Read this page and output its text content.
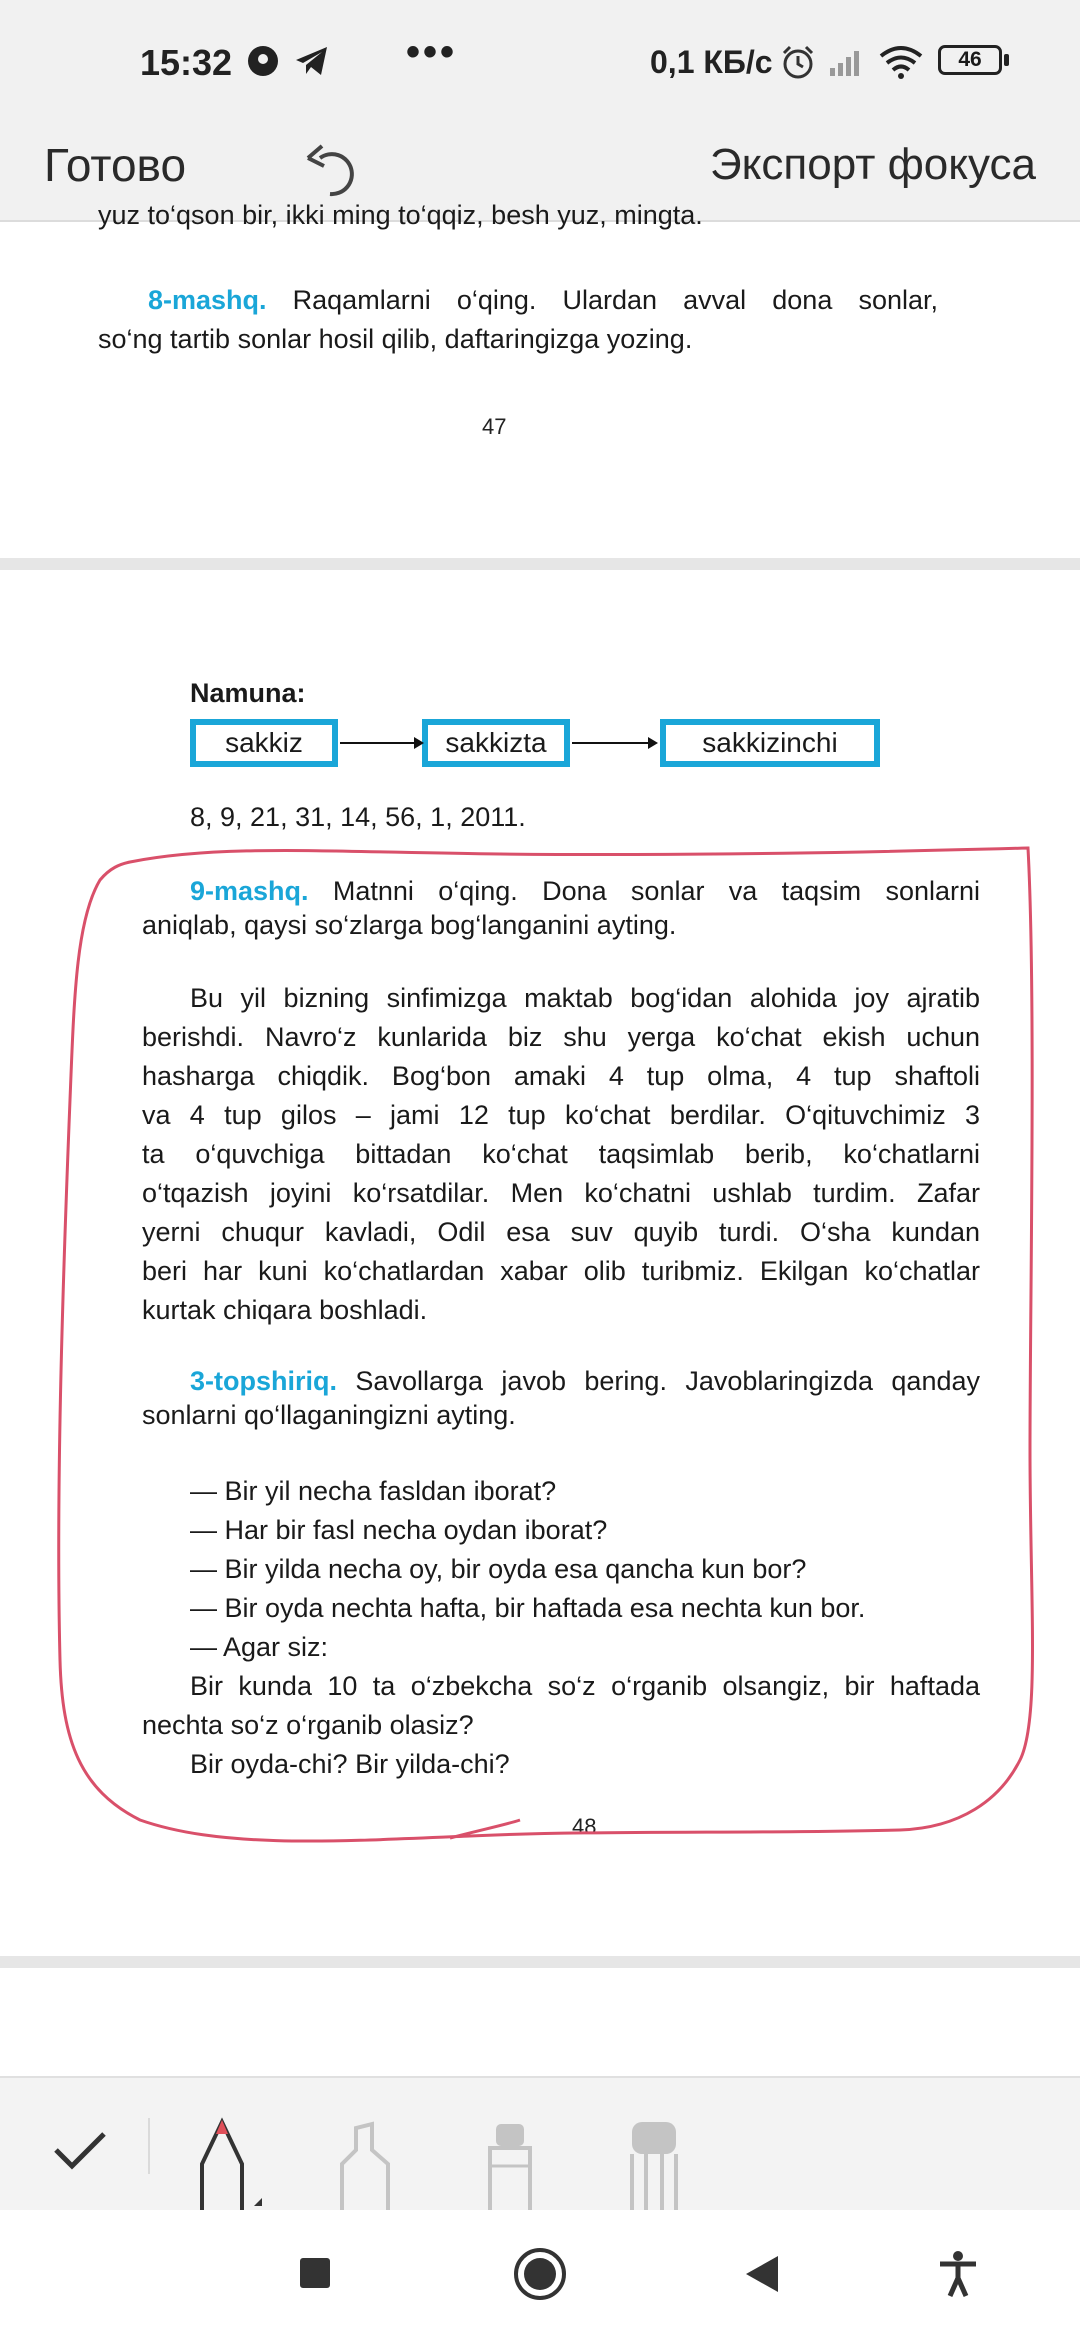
15:32	•••	0,1 КБ/с	46
Готово	Экспорт фокуса
yuz to‘qson bir, ikki ming to‘qqiz, besh yuz, mingta.
8-mashq. Raqamlarni o‘qing. Ulardan avval dona sonlar,
so‘ng tartib sonlar hosil qilib, daftaringizga yozing.
47
Namuna:
sakkiz	sakkizta	sakkizinchi
8, 9, 21, 31, 14, 56, 1, 2011.
9-mashq. Matnni o‘qing. Dona sonlar va taqsim sonlarni
aniqlab, qaysi so‘zlarga bog‘langanini ayting.
Bu yil bizning sinfimizga maktab bog‘idan alohida joy ajratib
berishdi. Navro‘z kunlarida biz shu yerga ko‘chat ekish uchun
hasharga chiqdik. Bog‘bon amaki 4 tup olma, 4 tup shaftoli
va 4 tup gilos – jami 12 tup ko‘chat berdilar. O‘qituvchimiz 3
ta o‘quvchiga bittadan ko‘chat taqsimlab berib, ko‘chatlarni
o‘tqazish joyini ko‘rsatdilar. Men ko‘chatni ushlab turdim. Zafar
yerni chuqur kavladi, Odil esa suv quyib turdi. O‘sha kundan
beri har kuni ko‘chatlardan xabar olib turibmiz. Ekilgan ko‘chatlar
kurtak chiqara boshladi.
3-topshiriq. Savollarga javob bering. Javoblaringizda qanday
sonlarni qo‘llaganingizni ayting.
— Bir yil necha fasldan iborat?
— Har bir fasl necha oydan iborat?
— Bir yilda necha oy, bir oyda esa qancha kun bor?
— Bir oyda nechta hafta, bir haftada esa nechta kun bor.
— Agar siz:
Bir kunda 10 ta o‘zbekcha so‘z o‘rganib olsangiz, bir haftada
nechta so‘z o‘rganib olasiz?
Bir oyda-chi? Bir yilda-chi?
48
